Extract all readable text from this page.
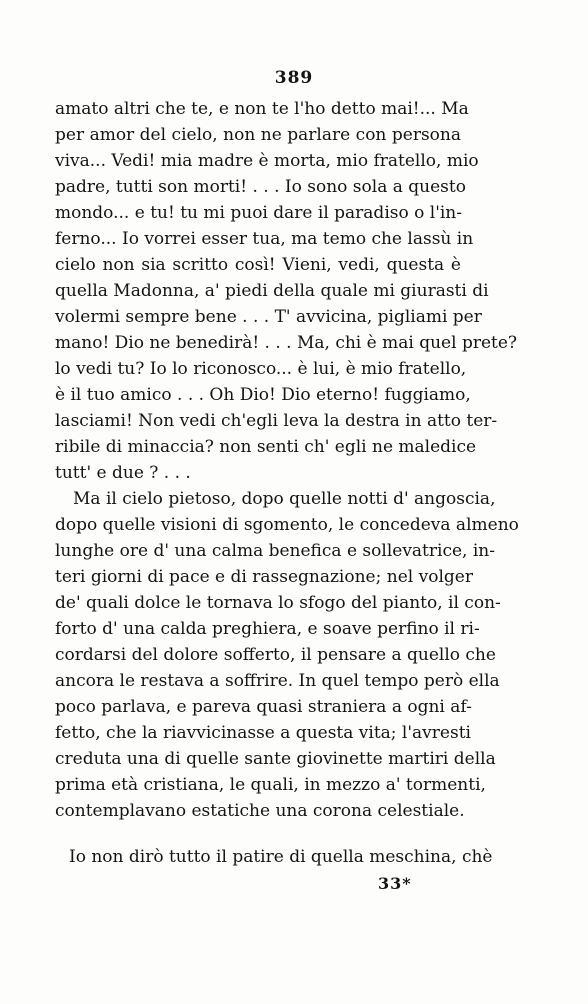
389
amato altri che te, e non te l'ho detto mai!... Ma
per amor del cielo, non ne parlare con persona
viva... Vedi! mia madre è morta, mio fratello, mio
padre, tutti son morti! . . . Io sono sola a questo
mondo... e tu! tu mi puoi dare il paradiso o l'in-
ferno... Io vorrei esser tua, ma temo che lassù in
cielo non sia scritto così! Vieni, vedi, questa è
quella Madonna, a' piedi della quale mi giurasti di
volermi sempre bene . . . T' avvicina, pigliami per
mano! Dio ne benedirà! . . . Ma, chi è mai quel prete?
lo vedi tu? Io lo riconosco... è lui, è mio fratello,
è il tuo amico . . . Oh Dio! Dio eterno! fuggiamo,
lasciami! Non vedi ch'egli leva la destra in atto ter-
ribile di minaccia? non senti ch' egli ne maledice
tutt' e due ? . . .
Ma il cielo pietoso, dopo quelle notti d' angoscia,
dopo quelle visioni di sgomento, le concedeva almeno
lunghe ore d' una calma benefica e sollevatrice, in-
teri giorni di pace e di rassegnazione; nel volger
de' quali dolce le tornava lo sfogo del pianto, il con-
forto d' una calda preghiera, e soave perfino il ri-
cordarsi del dolore sofferto, il pensare a quello che
ancora le restava a soffrire. In quel tempo però ella
poco parlava, e pareva quasi straniera a ogni af-
fetto, che la riavvicinasse a questa vita; l'avresti
creduta una di quelle sante giovinette martiri della
prima età cristiana, le quali, in mezzo a' tormenti,
contemplavano estatiche una corona celestiale.
Io non dirò tutto il patire di quella meschina, chè
33*
